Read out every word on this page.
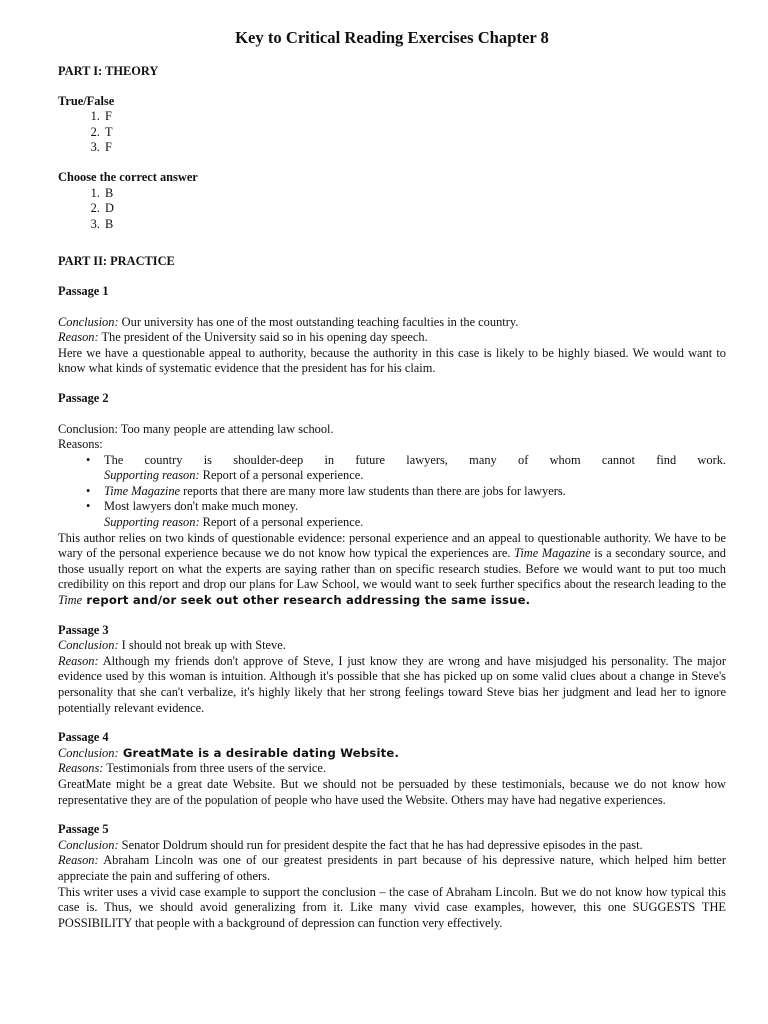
Key to Critical Reading Exercises Chapter 8
PART I: THEORY
True/False
1. F
2. T
3. F
Choose the correct answer
1. B
2. D
3. B
PART II: PRACTICE
Passage 1
Conclusion: Our university has one of the most outstanding teaching faculties in the country.
Reason: The president of the University said so in his opening day speech.
Here we have a questionable appeal to authority, because the authority in this case is likely to be highly biased. We would want to know what kinds of systematic evidence that the president has for his claim.
Passage 2
Conclusion: Too many people are attending law school.
Reasons:
• The country is shoulder-deep in future lawyers, many of whom cannot find work.
Supporting reason: Report of a personal experience.
• Time Magazine reports that there are many more law students than there are jobs for lawyers.
• Most lawyers don't make much money.
Supporting reason: Report of a personal experience.
This author relies on two kinds of questionable evidence: personal experience and an appeal to questionable authority. We have to be wary of the personal experience because we do not know how typical the experiences are. Time Magazine is a secondary source, and those usually report on what the experts are saying rather than on specific research studies. Before we would want to put too much credibility on this report and drop our plans for Law School, we would want to seek further specifics about the research leading to the Time report and/or seek out other research addressing the same issue.
Passage 3
Conclusion: I should not break up with Steve.
Reason: Although my friends don't approve of Steve, I just know they are wrong and have misjudged his personality. The major evidence used by this woman is intuition. Although it's possible that she has picked up on some valid clues about a change in Steve's personality that she can't verbalize, it's highly likely that her strong feelings toward Steve bias her judgment and lead her to ignore potentially relevant evidence.
Passage 4
Conclusion: GreatMate is a desirable dating Website.
Reasons: Testimonials from three users of the service.
GreatMate might be a great date Website. But we should not be persuaded by these testimonials, because we do not know how representative they are of the population of people who have used the Website. Others may have had negative experiences.
Passage 5
Conclusion: Senator Doldrum should run for president despite the fact that he has had depressive episodes in the past.
Reason: Abraham Lincoln was one of our greatest presidents in part because of his depressive nature, which helped him better appreciate the pain and suffering of others.
This writer uses a vivid case example to support the conclusion – the case of Abraham Lincoln. But we do not know how typical this case is. Thus, we should avoid generalizing from it. Like many vivid case examples, however, this one SUGGESTS THE POSSIBILITY that people with a background of depression can function very effectively.
